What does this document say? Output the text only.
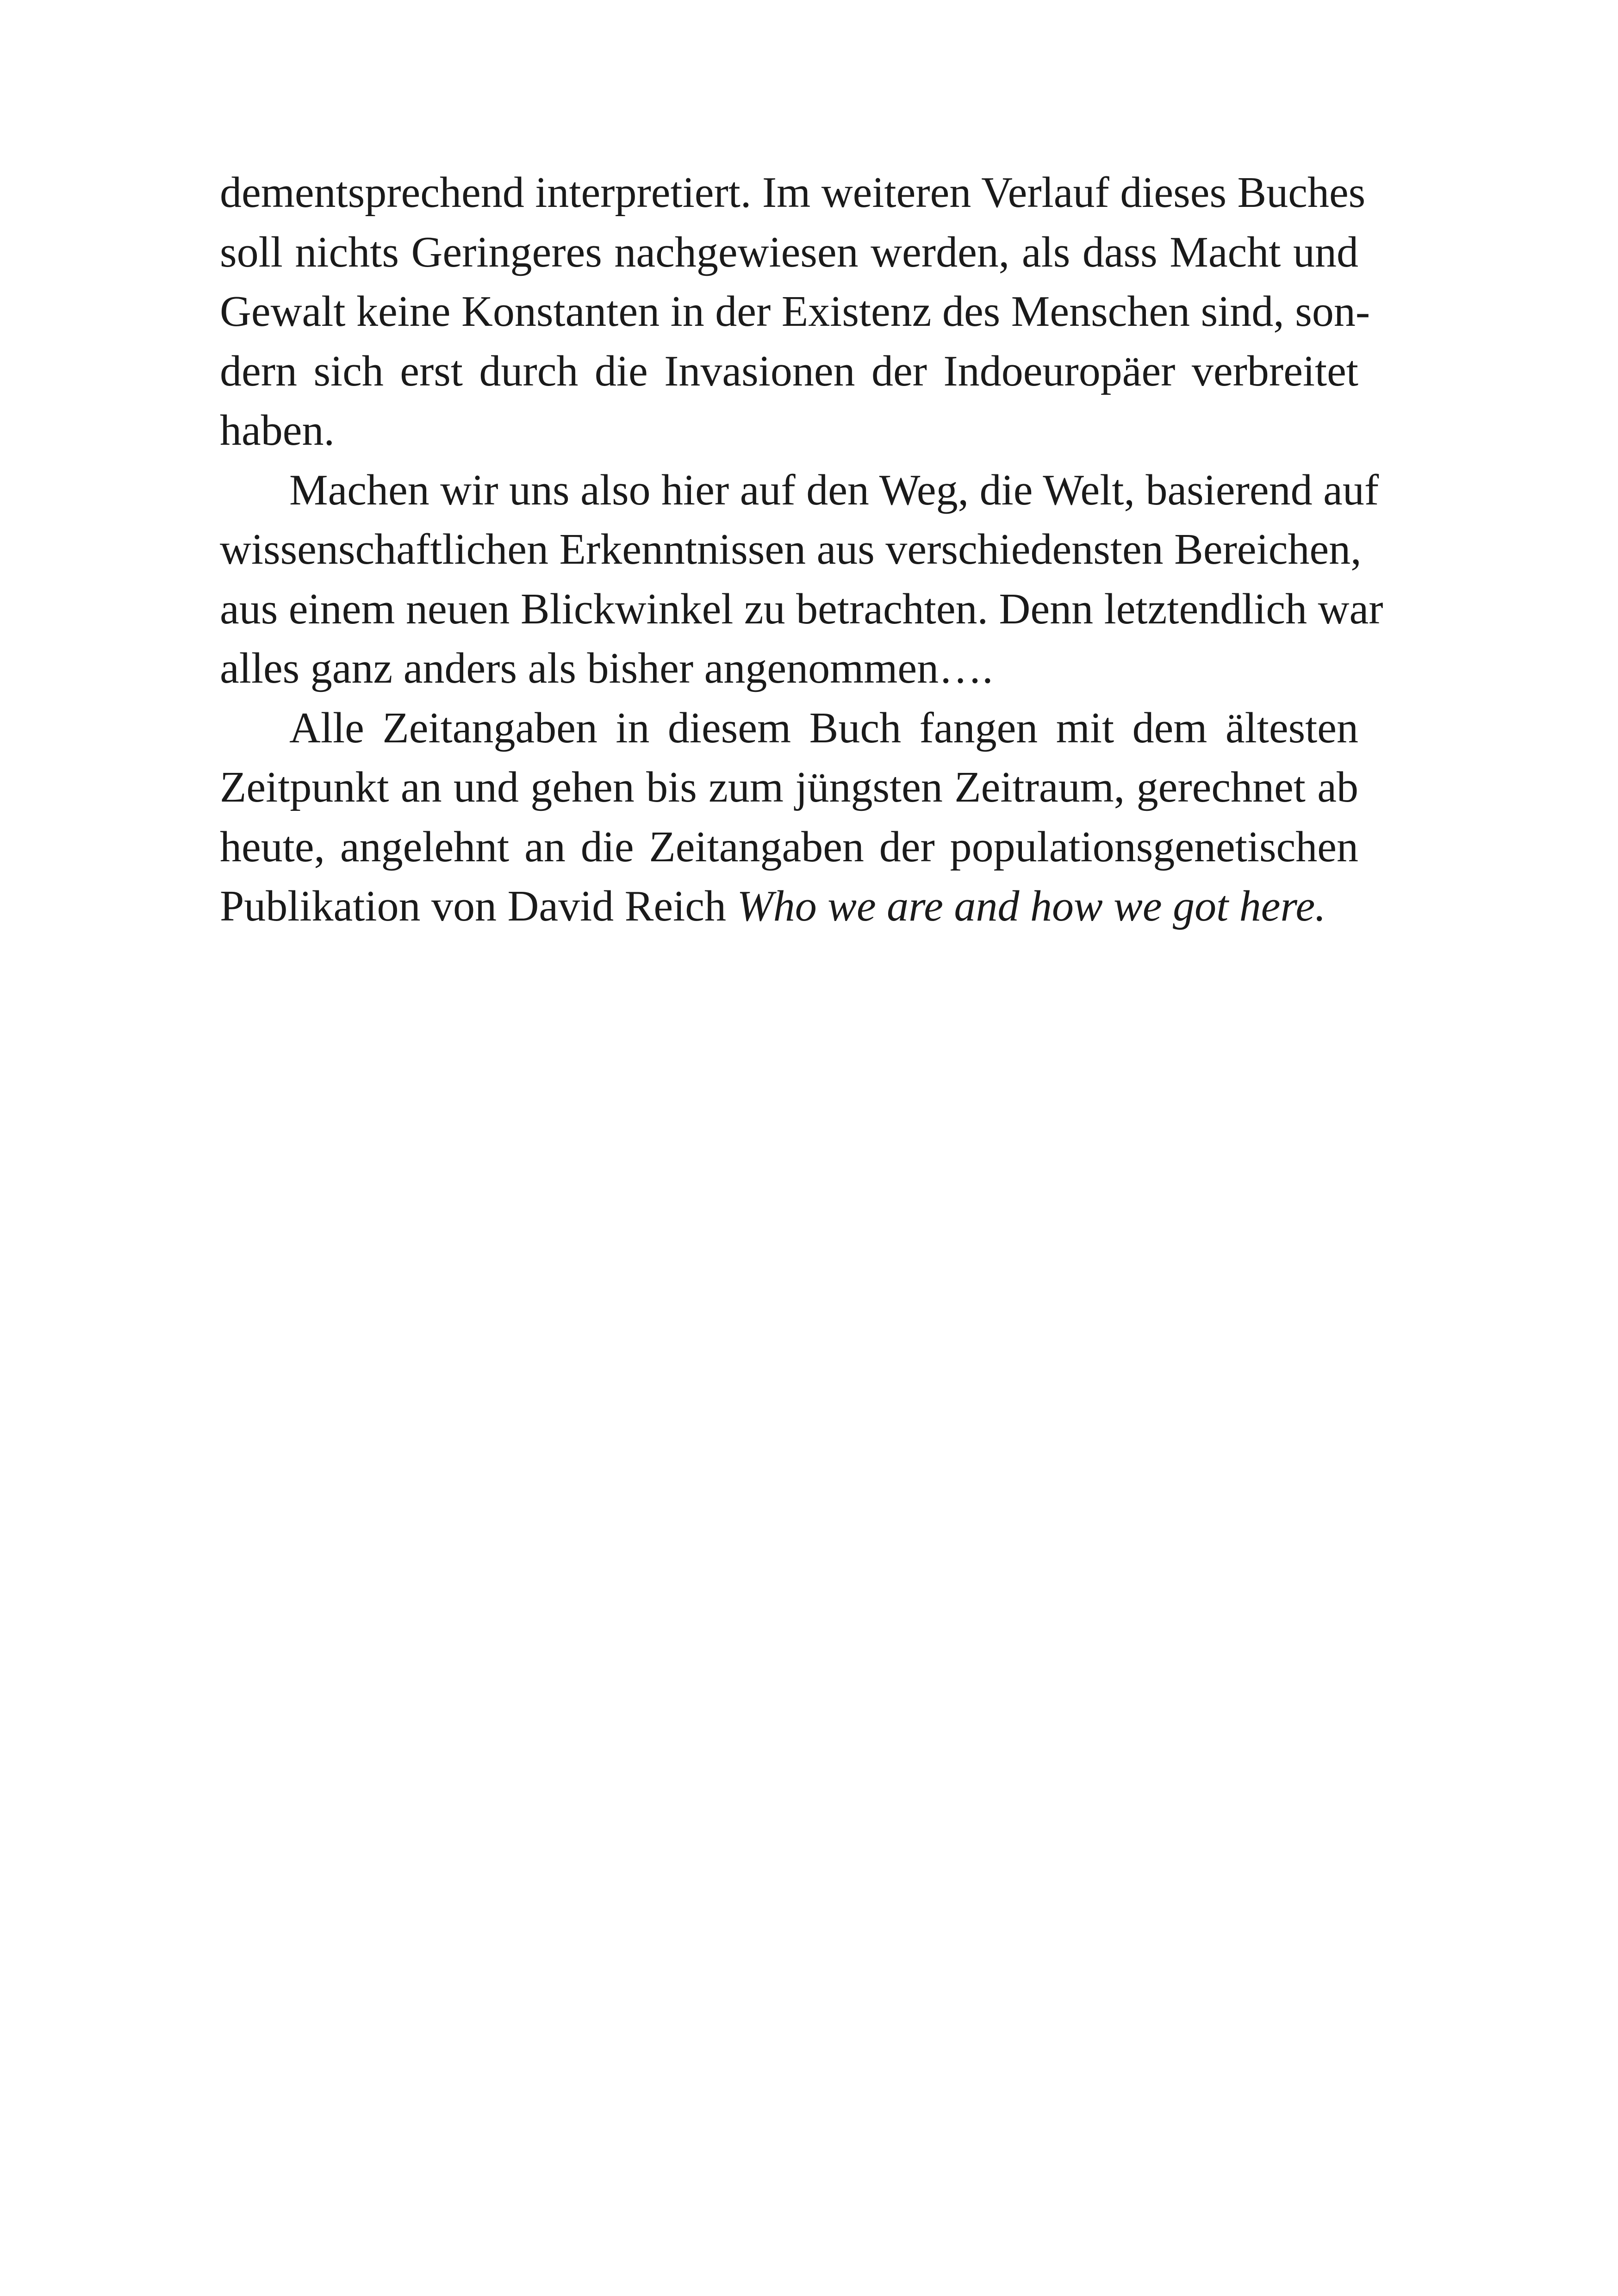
dementsprechend interpretiert. Im weiteren Verlauf dieses Buches
soll nichts Geringeres nachgewiesen werden, als dass Macht und
Gewalt keine Konstanten in der Existenz des Menschen sind, son-
dern sich erst durch die Invasionen der Indoeuropäer verbreitet
haben.
Machen wir uns also hier auf den Weg, die Welt, basierend auf
wissenschaftlichen Erkenntnissen aus verschiedensten Bereichen,
aus einem neuen Blickwinkel zu betrachten. Denn letztendlich war
alles ganz anders als bisher angenommen….
Alle Zeitangaben in diesem Buch fangen mit dem ältesten
Zeitpunkt an und gehen bis zum jüngsten Zeitraum, gerechnet ab
heute, angelehnt an die Zeitangaben der populationsgenetischen
Publikation von David Reich Who we are and how we got here.
